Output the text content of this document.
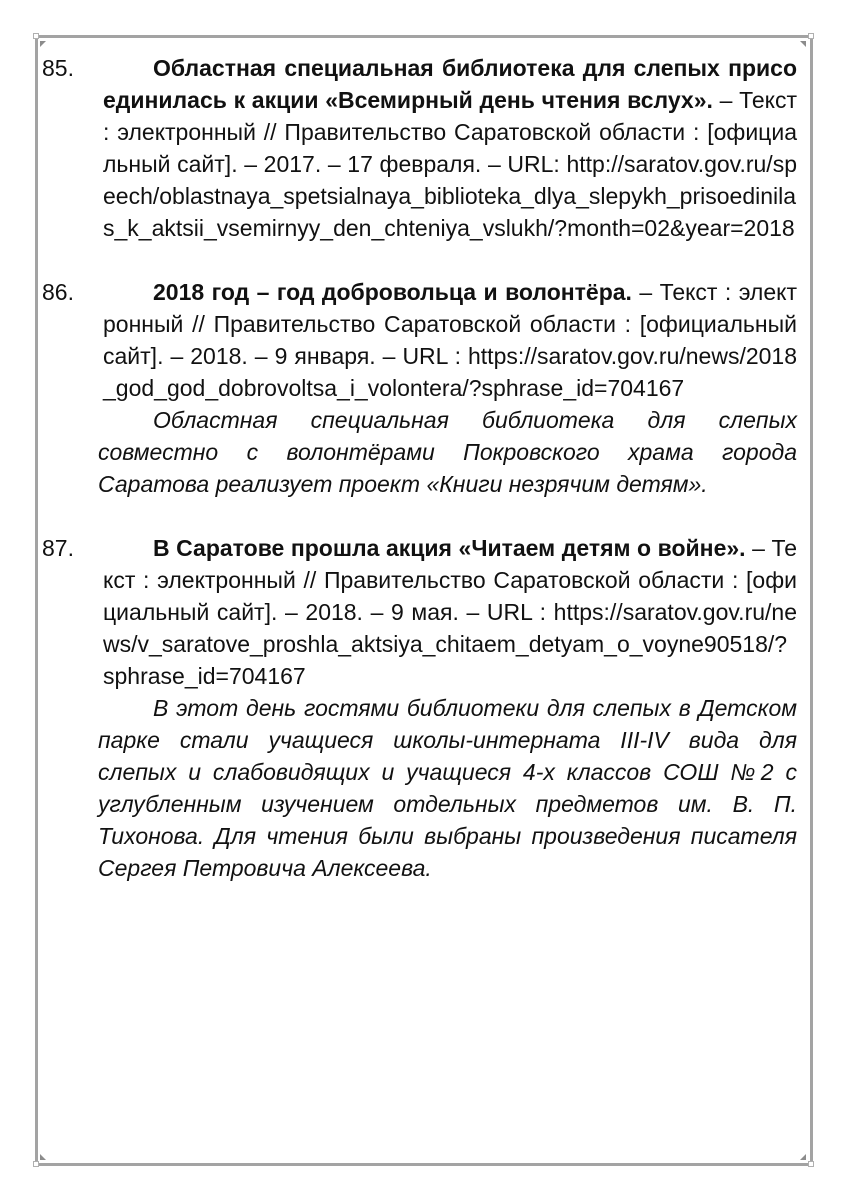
85.	Областная специальная библиотека для слепых присоединилась к акции «Всемирный день чтения вслух». – Текст : электронный // Правительство Саратовской области : [официальный сайт]. – 2017. – 17 февраля. – URL: http://saratov.gov.ru/speech/oblastnaya_spetsialnaya_biblioteka_dlya_slepykh_prisoedinilas_k_aktsii_vsemirnyy_den_chteniya_vslukh/?month=02&year=2018
86.	2018 год – год добровольца и волонтёра. – Текст : электронный // Правительство Саратовской области : [официальный сайт]. – 2018. – 9 января. – URL : https://saratov.gov.ru/news/2018_god_god_dobrovoltsa_i_volontera/?sphrase_id=704167
Областная специальная библиотека для слепых совместно с волонтёрами Покровского храма города Саратова реализует проект «Книги незрячим детям».
87.	В Саратове прошла акция «Читаем детям о войне». – Текст : электронный // Правительство Саратовской области : [официальный сайт]. – 2018. – 9 мая. – URL : https://saratov.gov.ru/news/v_saratove_proshla_aktsiya_chitaem_detyam_o_voyne90518/?sphrase_id=704167
В этот день гостями библиотеки для слепых в Детском парке стали учащиеся школы-интерната III-IV вида для слепых и слабовидящих и учащиеся 4-х классов СОШ №2 с углубленным изучением отдельных предметов им. В. П. Тихонова. Для чтения были выбраны произведения писателя Сергея Петровича Алексеева.
